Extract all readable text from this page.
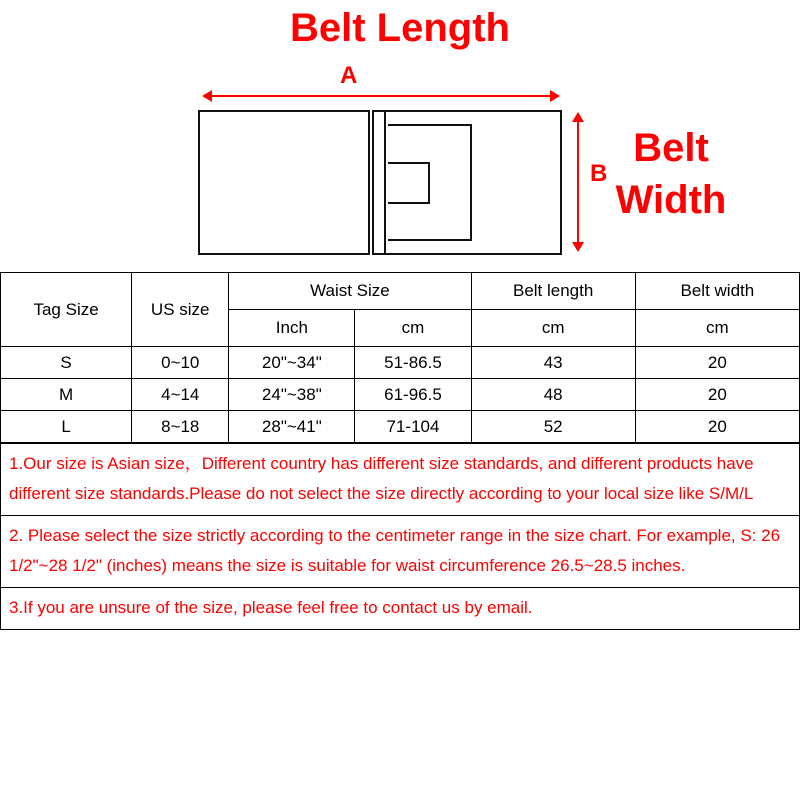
Belt Length
Belt
Width
A
B
Tag Size	US size	Waist Size		Belt length	Belt width
		Inch	cm	cm	cm
S	0~10	20"~34"	51-86.5	43	20
M	4~14	24"~38"	61-96.5	48	20
L	8~18	28"~41"	71-104	52	20

1.Our size is Asian size，Different country has different size standards, and different products have different size standards.Please do not select the size directly according to your local size like S/M/L

2. Please select the size strictly according to the centimeter range in the size chart. For example, S: 26 1/2"~28 1/2" (inches) means the size is suitable for waist circumference 26.5~28.5 inches.

3.If you are unsure of the size, please feel free to contact us by email.
